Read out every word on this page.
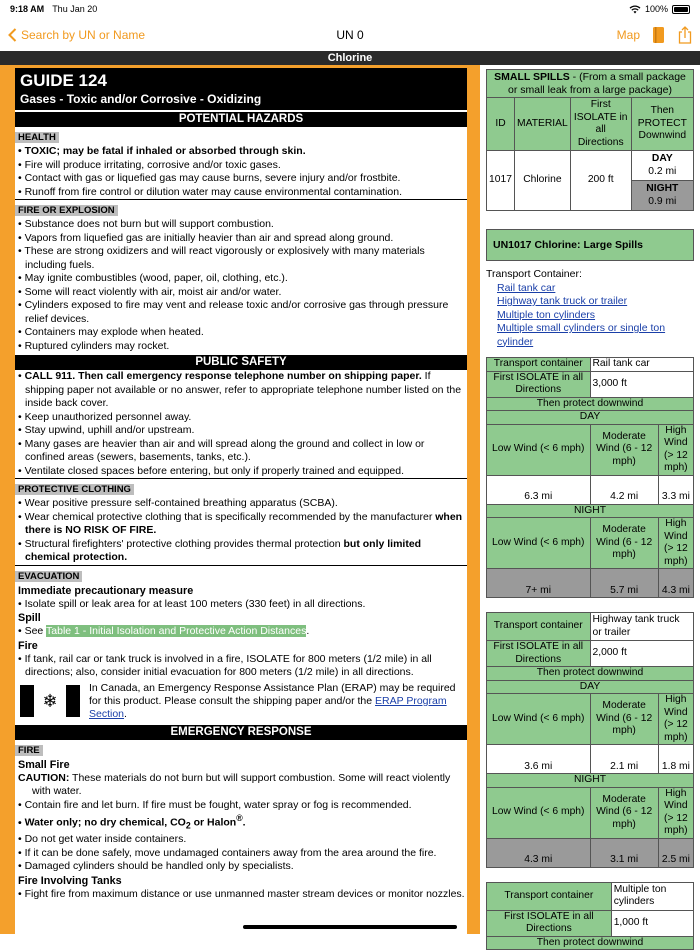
9:18 AM Thu Jan 20	100%
Search by UN or Name	UN 0	Map
Chlorine
GUIDE 124
Gases - Toxic and/or Corrosive - Oxidizing
POTENTIAL HAZARDS
HEALTH
• TOXIC; may be fatal if inhaled or absorbed through skin.
• Fire will produce irritating, corrosive and/or toxic gases.
• Contact with gas or liquefied gas may cause burns, severe injury and/or frostbite.
• Runoff from fire control or dilution water may cause environmental contamination.
FIRE OR EXPLOSION
• Substance does not burn but will support combustion.
• Vapors from liquefied gas are initially heavier than air and spread along ground.
• These are strong oxidizers and will react vigorously or explosively with many materials including fuels.
• May ignite combustibles (wood, paper, oil, clothing, etc.).
• Some will react violently with air, moist air and/or water.
• Cylinders exposed to fire may vent and release toxic and/or corrosive gas through pressure relief devices.
• Containers may explode when heated.
• Ruptured cylinders may rocket.
PUBLIC SAFETY
• CALL 911. Then call emergency response telephone number on shipping paper. If shipping paper not available or no answer, refer to appropriate telephone number listed on the inside back cover.
• Keep unauthorized personnel away.
• Stay upwind, uphill and/or upstream.
• Many gases are heavier than air and will spread along the ground and collect in low or confined areas (sewers, basements, tanks, etc.).
• Ventilate closed spaces before entering, but only if properly trained and equipped.
PROTECTIVE CLOTHING
• Wear positive pressure self-contained breathing apparatus (SCBA).
• Wear chemical protective clothing that is specifically recommended by the manufacturer when there is NO RISK OF FIRE.
• Structural firefighters' protective clothing provides thermal protection but only limited chemical protection.
EVACUATION
Immediate precautionary measure
• Isolate spill or leak area for at least 100 meters (330 feet) in all directions.
Spill
• See Table 1 - Initial Isolation and Protective Action Distances.
Fire
• If tank, rail car or tank truck is involved in a fire, ISOLATE for 800 meters (1/2 mile) in all directions; also, consider initial evacuation for 800 meters (1/2 mile) in all directions.
❄
In Canada, an Emergency Response Assistance Plan (ERAP) may be required for this product. Please consult the shipping paper and/or the ERAP Program Section.
EMERGENCY RESPONSE
FIRE
Small Fire
CAUTION: These materials do not burn but will support combustion. Some will react violently with water.
• Contain fire and let burn. If fire must be fought, water spray or fog is recommended.
• Water only; no dry chemical, $CO_2$ or Halon®.
• Do not get water inside containers.
• If it can be done safely, move undamaged containers away from the area around the fire.
• Damaged cylinders should be handled only by specialists.
Fire Involving Tanks
• Fight fire from maximum distance or use unmanned master stream devices or monitor nozzles.
SMALL SPILLS - (From a small package or small leak from a large package)			
ID	MATERIAL	First ISOLATE in all Directions	Then PROTECT Downwind
1017	Chlorine	200 ft	DAY
0.2 mi
			NIGHT
0.9 mi
UN1017 Chlorine: Large Spills
Transport Container:
Rail tank car
Highway tank truck or trailer
Multiple ton cylinders
Multiple small cylinders or single ton cylinder
Transport container	Rail tank car	
First ISOLATE in all Directions	3,000 ft	
Then protect downwind		
DAY		
Low Wind (< 6 mph)	Moderate Wind (6 - 12 mph)	High Wind (> 12 mph)
6.3 mi	4.2 mi	3.3 mi
NIGHT		
Low Wind (< 6 mph)	Moderate Wind (6 - 12 mph)	High Wind (> 12 mph)
7+ mi	5.7 mi	4.3 mi
Transport container	Highway tank truck or trailer	
First ISOLATE in all Directions	2,000 ft	
Then protect downwind		
DAY		
Low Wind (< 6 mph)	Moderate Wind (6 - 12 mph)	High Wind (> 12 mph)
3.6 mi	2.1 mi	1.8 mi
NIGHT		
Low Wind (< 6 mph)	Moderate Wind (6 - 12 mph)	High Wind (> 12 mph)
4.3 mi	3.1 mi	2.5 mi
Transport container	Multiple ton cylinders
First ISOLATE in all Directions	1,000 ft
Then protect downwind	
